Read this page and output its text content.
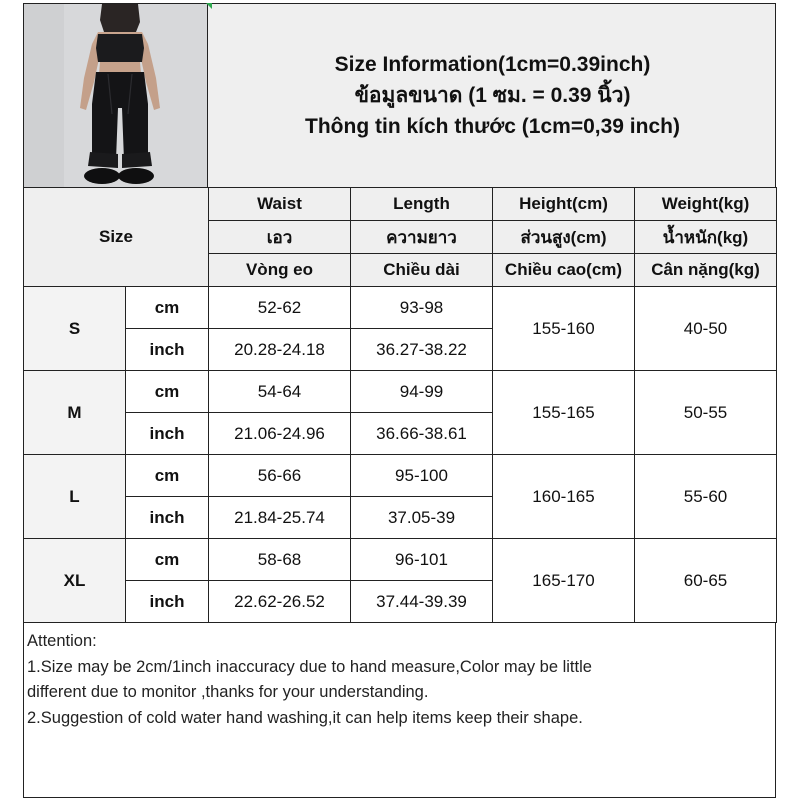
Size Information(1cm=0.39inch)
ข้อมูลขนาด (1 ซม. = 0.39 นิ้ว)
Thông tin kích thước (1cm=0,39 inch)
Size		Waist	Length	Height(cm)	Weight(kg)
		เอว	ความยาว	ส่วนสูง(cm)	น้ำหนัก(kg)
		Vòng eo	Chiều dài	Chiều cao(cm)	Cân nặng(kg)
S	cm	52-62	93-98	155-160	40-50
	inch	20.28-24.18	36.27-38.22		
M	cm	54-64	94-99	155-165	50-55
	inch	21.06-24.96	36.66-38.61		
L	cm	56-66	95-100	160-165	55-60
	inch	21.84-25.74	37.05-39		
XL	cm	58-68	96-101	165-170	60-65
	inch	22.62-26.52	37.44-39.39		
Attention:
1.Size may be 2cm/1inch inaccuracy due to hand measure,Color may be little
different due to monitor ,thanks for your understanding.
2.Suggestion of cold water hand washing,it can help items keep their shape.
